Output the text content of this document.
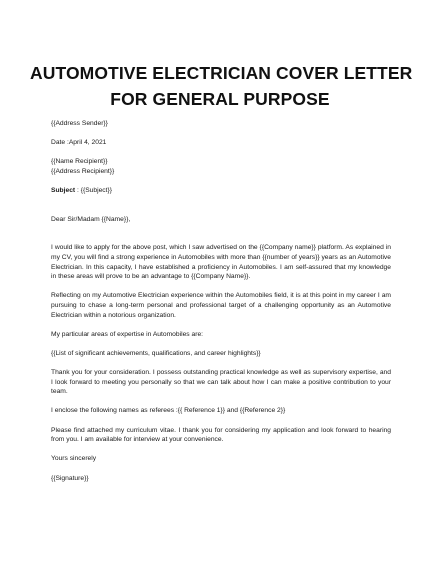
AUTOMOTIVE ELECTRICIAN COVER LETTER
FOR GENERAL PURPOSE
{{Address Sender}}
Date :April 4, 2021
{{Name Recipient}}
{{Address Recipient}}
Subject : {{Subject}}
Dear Sir/Madam {{Name}},

I would like to apply for the above post, which I saw advertised on the {{Company name}} platform. As explained in my CV, you will find a strong experience in Automobiles with more than {{number of years}} years as an Automotive Electrician. In this capacity, I have established a proficiency in Automobiles. I am self-assured that my knowledge in these areas will prove to be an advantage to {{Company Name}}.

Reflecting on my Automotive Electrician experience within the Automobiles field, it is at this point in my career I am pursuing to chase a long-term personal and professional target of a challenging opportunity as an Automotive Electrician within a notorious organization.

My particular areas of expertise in Automobiles are:

{{List of significant achievements, qualifications, and career highlights}}

Thank you for your consideration. I possess outstanding practical knowledge as well as supervisory expertise, and I look forward to meeting you personally so that we can talk about how I can make a positive contribution to your team.

I enclose the following names as referees :{{ Reference 1}} and {{Reference 2}}

Please find attached my curriculum vitae. I thank you for considering my application and look forward to hearing from you. I am available for interview at your convenience.

Yours sincerely
{{Signature}}
